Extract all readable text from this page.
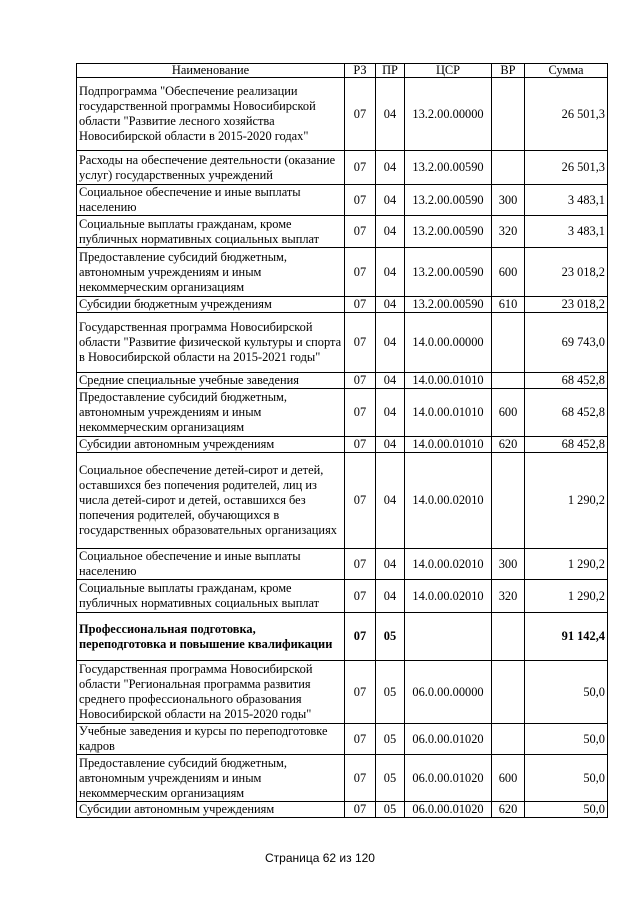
Наименование	РЗ	ПР	ЦСР	ВР	Сумма
Подпрограмма "Обеспечение реализации государственной программы Новосибирской области "Развитие лесного хозяйства Новосибирской области в 2015-2020 годах"	07	04	13.2.00.00000		26 501,3
Расходы на обеспечение деятельности (оказание услуг) государственных учреждений	07	04	13.2.00.00590		26 501,3
Социальное обеспечение и иные выплаты населению	07	04	13.2.00.00590	300	3 483,1
Социальные выплаты гражданам, кроме публичных нормативных социальных выплат	07	04	13.2.00.00590	320	3 483,1
Предоставление субсидий бюджетным, автономным учреждениям и иным некоммерческим организациям	07	04	13.2.00.00590	600	23 018,2
Субсидии бюджетным учреждениям	07	04	13.2.00.00590	610	23 018,2
Государственная программа Новосибирской области "Развитие физической культуры и спорта в Новосибирской области на 2015-2021 годы"	07	04	14.0.00.00000		69 743,0
Средние специальные учебные заведения	07	04	14.0.00.01010		68 452,8
Предоставление субсидий бюджетным, автономным учреждениям и иным некоммерческим организациям	07	04	14.0.00.01010	600	68 452,8
Субсидии автономным учреждениям	07	04	14.0.00.01010	620	68 452,8
Социальное обеспечение детей-сирот и детей, оставшихся без попечения родителей, лиц из числа детей-сирот и детей, оставшихся без попечения родителей, обучающихся в государственных образовательных организациях	07	04	14.0.00.02010		1 290,2
Социальное обеспечение и иные выплаты населению	07	04	14.0.00.02010	300	1 290,2
Социальные выплаты гражданам, кроме публичных нормативных социальных выплат	07	04	14.0.00.02010	320	1 290,2
Профессиональная подготовка, переподготовка и повышение квалификации	07	05			91 142,4
Государственная программа Новосибирской области "Региональная программа развития среднего профессионального образования Новосибирской области на 2015-2020 годы"	07	05	06.0.00.00000		50,0
Учебные заведения и курсы по переподготовке кадров	07	05	06.0.00.01020		50,0
Предоставление субсидий бюджетным, автономным учреждениям и иным некоммерческим организациям	07	05	06.0.00.01020	600	50,0
Субсидии автономным учреждениям	07	05	06.0.00.01020	620	50,0
Страница 62 из 120
